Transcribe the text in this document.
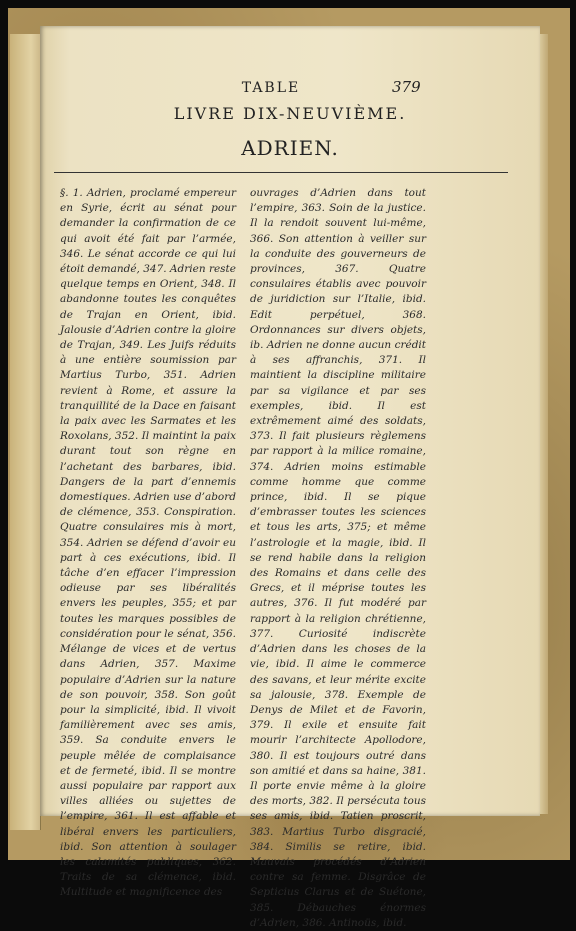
TABLE	379
LIVRE DIX-NEUVIÈME.
ADRIEN.

§. 1. Adrien, proclamé empereur en Syrie, écrit au sénat pour demander la confirmation de ce qui avoit été fait par l’armée, 346. Le sénat accorde ce qui lui étoit demandé, 347. Adrien reste quelque temps en Orient, 348. Il abandonne toutes les conquêtes de Trajan en Orient, ibid. Jalousie d’Adrien contre la gloire de Trajan, 349. Les Juifs réduits à une entière soumission par Martius Turbo, 351. Adrien revient à Rome, et assure la tranquillité de la Dace en faisant la paix avec les Sarmates et les Roxolans, 352. Il maintint la paix durant tout son règne en l’achetant des barbares, ibid. Dangers de la part d’ennemis domestiques. Adrien use d’abord de clémence, 353. Conspiration. Quatre consulaires mis à mort, 354. Adrien se défend d’avoir eu part à ces exécutions, ibid. Il tâche d’en effacer l’impression odieuse par ses libéralités envers les peuples, 355; et par toutes les marques possibles de considération pour le sénat, 356. Mélange de vices et de vertus dans Adrien, 357. Maxime populaire d’Adrien sur la nature de son pouvoir, 358. Son goût pour la simplicité, ibid. Il vivoit familièrement avec ses amis, 359. Sa conduite envers le peuple mêlée de complaisance et de fermeté, ibid. Il se montre aussi populaire par rapport aux villes alliées ou sujettes de l’empire, 361. Il est affable et libéral envers les particuliers, ibid. Son attention à soulager les calamités publiques, 362. Traits de sa clémence, ibid. Multitude et magnificence des

ouvrages d’Adrien dans tout l’empire, 363. Soin de la justice. Il la rendoit souvent lui-même, 366. Son attention à veiller sur la conduite des gouverneurs de provinces, 367. Quatre consulaires établis avec pouvoir de juridiction sur l’Italie, ibid. Edit perpétuel, 368. Ordonnances sur divers objets, ib. Adrien ne donne aucun crédit à ses affranchis, 371. Il maintient la discipline militaire par sa vigilance et par ses exemples, ibid. Il est extrêmement aimé des soldats, 373. Il fait plusieurs règlemens par rapport à la milice romaine, 374. Adrien moins estimable comme homme que comme prince, ibid. Il se pique d’embrasser toutes les sciences et tous les arts, 375; et même l’astrologie et la magie, ibid. Il se rend habile dans la religion des Romains et dans celle des Grecs, et il méprise toutes les autres, 376. Il fut modéré par rapport à la religion chrétienne, 377. Curiosité indiscrète d’Adrien dans les choses de la vie, ibid. Il aime le commerce des savans, et leur mérite excite sa jalousie, 378. Exemple de Denys de Milet et de Favorin, 379. Il exile et ensuite fait mourir l’architecte Apollodore, 380. Il est toujours outré dans son amitié et dans sa haine, 381. Il porte envie même à la gloire des morts, 382. Il persécuta tous ses amis, ibid. Tatien proscrit, 383. Martius Turbo disgracié, 384. Similis se retire, ibid. Mauvais procédés d’Adrien contre sa femme. Disgrâce de Septicius Clarus et de Suétone, 385. Débauches énormes d’Adrien, 386. Antinoüs, ibid.
